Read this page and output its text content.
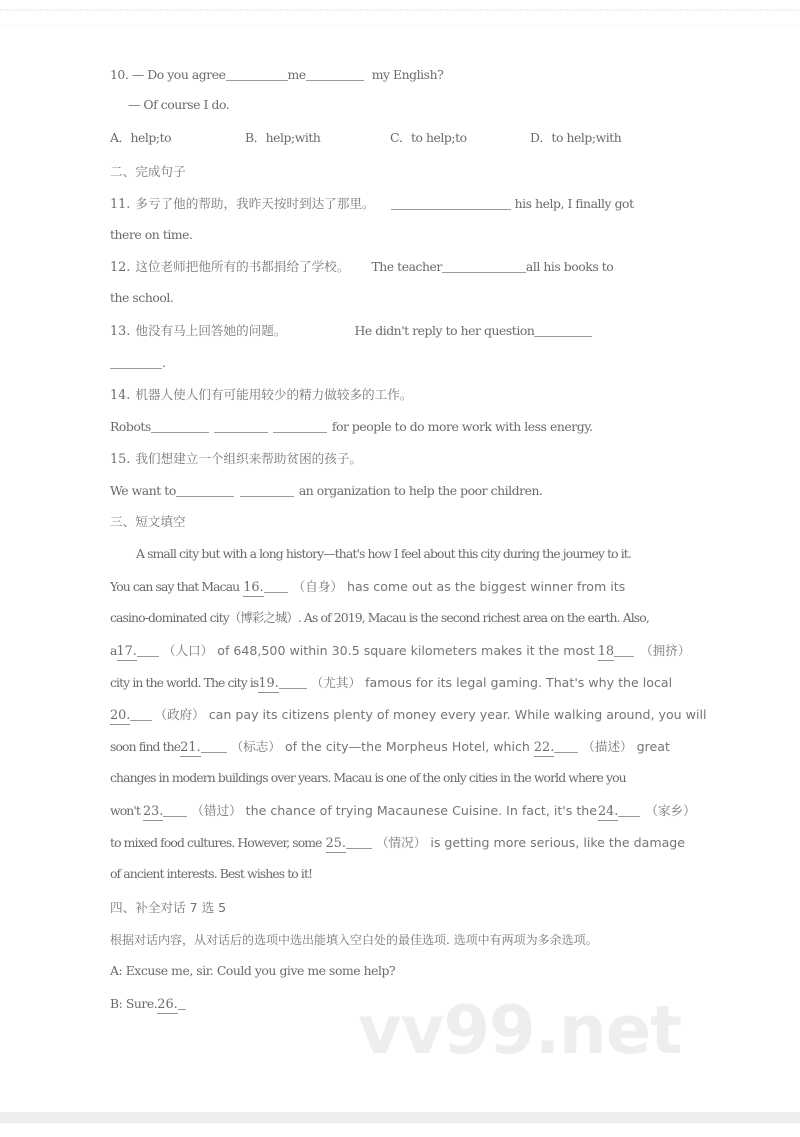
10. — Do you agree	me	my English?
— Of course I do.
A．help;to	B．help;with	C．to help;to	D．to help;with
二、完成句子
11. 多亏了他的帮助，我昨天按时到达了那里。	his help, I finally got
there on time.
12. 这位老师把他所有的书都捐给了学校。 The teacher	all his books to
the school.
13. 他没有马上回答她的问题。	He didn't reply to her question
.
14. 机器人使人们有可能用较少的精力做较多的工作。
Robots	for people to do more work with less energy.
15. 我们想建立一个组织来帮助贫困的孩子。
We want to	an organization to help the poor children.
三、短文填空
A small city but with a long history—that's how I feel about this city during the journey to it.
You can say that Macau 16. （自身） has come out as the biggest winner from its
casino-dominated city（博彩之城）. As of 2019, Macau is the second richest area on the earth. Also,
a17. （人口） of 648,500 within 30.5 square kilometers makes it the most 18 （拥挤）
city in the world. The city is19.	（尤其） famous for its legal gaming. That's why the local
20. （政府） can pay its citizens plenty of money every year. While walking around, you will
soon find the21. （标志） of the city—the Morpheus Hotel, which 22. （描述） great
changes in modern buildings over years. Macau is one of the only cities in the world where you
won't 23. （错过） the chance of trying Macaunese Cuisine. In fact, it's the24. （家乡）
to mixed food cultures. However, some 25. （情况） is getting more serious, like the damage
of ancient interests. Best wishes to it!
四、补全对话 7 选 5
根据对话内容，从对话后的选项中选出能填入空白处的最佳选项. 选项中有两项为多余选项。
A: Excuse me, sir. Could you give me some help?
B: Sure.26.	vv99.net
